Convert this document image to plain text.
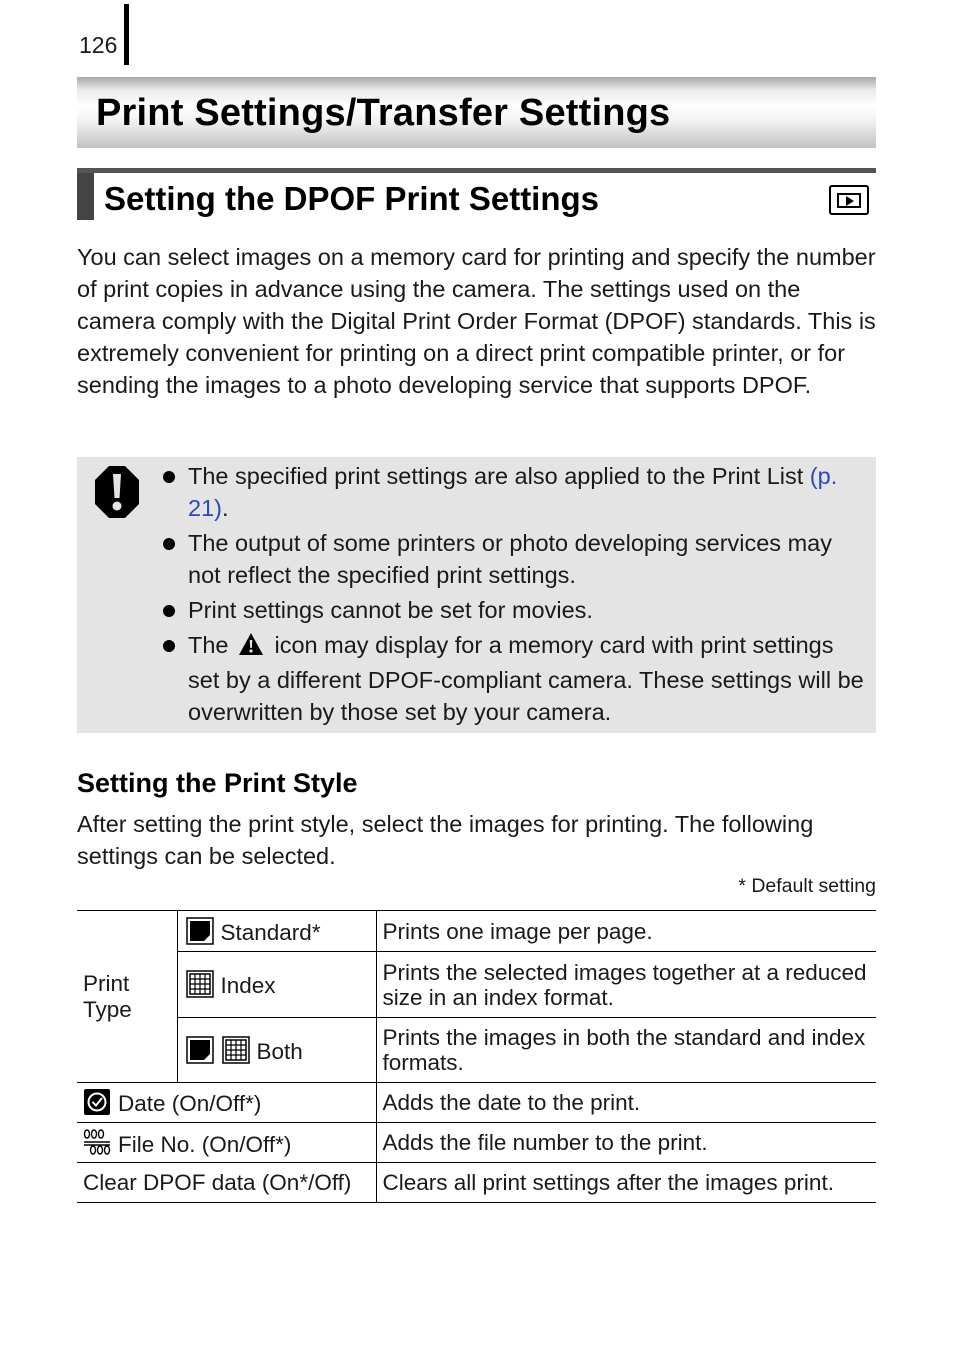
126
Print Settings/Transfer Settings
Setting the DPOF Print Settings

You can select images on a memory card for printing and specify the number of print copies in advance using the camera. The settings used on the camera comply with the Digital Print Order Format (DPOF) standards. This is extremely convenient for printing on a direct print compatible printer, or for sending the images to a photo developing service that supports DPOF.

The specified print settings are also applied to the Print List (p. 21).
The output of some printers or photo developing services may not reflect the specified print settings.
Print settings cannot be set for movies.
The icon may display for a memory card with print settings set by a different DPOF-compliant camera. These settings will be overwritten by those set by your camera.
Setting the Print Style

After setting the print style, select the images for printing. The following settings can be selected.

* Default setting
Print Type	Standard*	Prints one image per page.
	Index	Prints the selected images together at a reduced size in an index format.
	Both	Prints the images in both the standard and index formats.
Date (On/Off*)		Adds the date to the print.
File No. (On/Off*)		Adds the file number to the print.
Clear DPOF data (On*/Off)		Clears all print settings after the images print.
